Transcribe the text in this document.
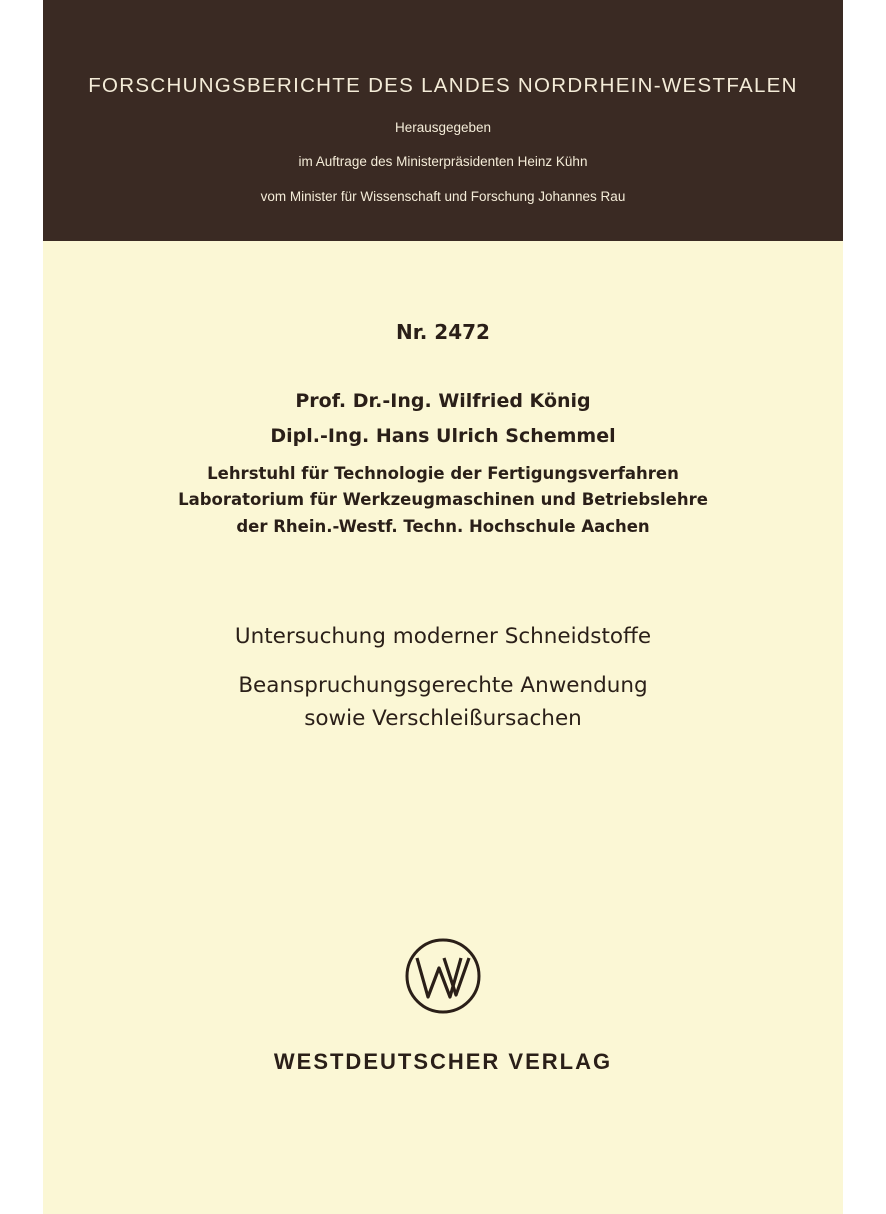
FORSCHUNGSBERICHTE DES LANDES NORDRHEIN-WESTFALEN
Herausgegeben
im Auftrage des Ministerpräsidenten Heinz Kühn
vom Minister für Wissenschaft und Forschung Johannes Rau
Nr. 2472
Prof. Dr.-Ing. Wilfried König
Dipl.-Ing. Hans Ulrich Schemmel
Lehrstuhl für Technologie der Fertigungsverfahren
Laboratorium für Werkzeugmaschinen und Betriebslehre
der Rhein.-Westf. Techn. Hochschule Aachen
Untersuchung moderner Schneidstoffe
Beanspruchungsgerechte Anwendung
sowie Verschleißursachen
WESTDEUTSCHER VERLAG
